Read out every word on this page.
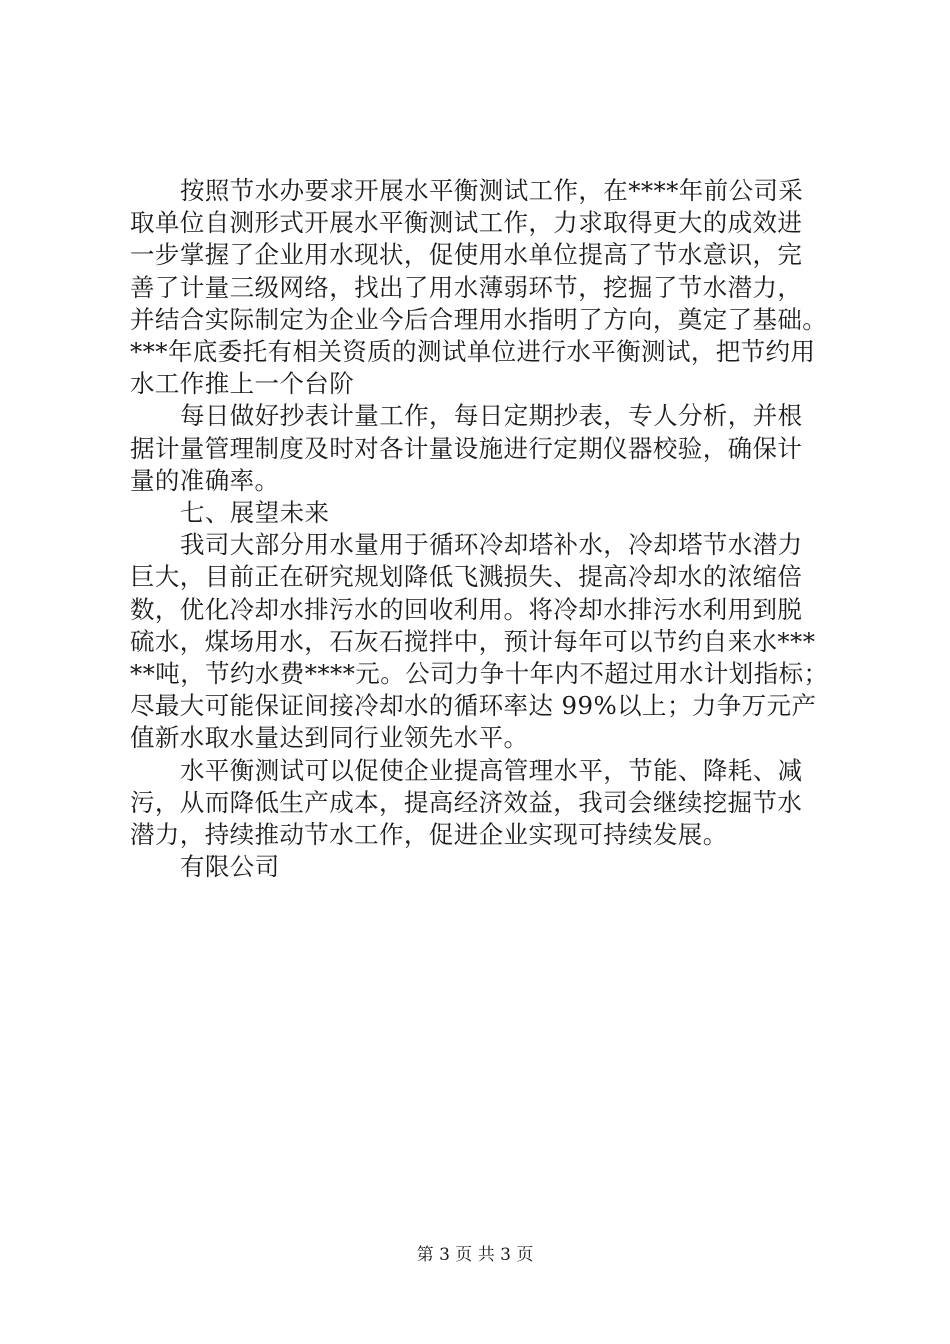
按照节水办要求开展水平衡测试工作，在****年前公司采
取单位自测形式开展水平衡测试工作，力求取得更大的成效进
一步掌握了企业用水现状，促使用水单位提高了节水意识，完
善了计量三级网络，找出了用水薄弱环节，挖掘了节水潜力，
并结合实际制定为企业今后合理用水指明了方向，奠定了基础。
***年底委托有相关资质的测试单位进行水平衡测试，把节约用
水工作推上一个台阶
每日做好抄表计量工作，每日定期抄表，专人分析，并根
据计量管理制度及时对各计量设施进行定期仪器校验，确保计
量的准确率。
七、展望未来
我司大部分用水量用于循环冷却塔补水，冷却塔节水潜力
巨大，目前正在研究规划降低飞溅损失、提高冷却水的浓缩倍
数，优化冷却水排污水的回收利用。将冷却水排污水利用到脱
硫水，煤场用水，石灰石搅拌中，预计每年可以节约自来水***
**吨，节约水费****元。公司力争十年内不超过用水计划指标；
尽最大可能保证间接冷却水的循环率达 99%以上；力争万元产
值新水取水量达到同行业领先水平。
水平衡测试可以促使企业提高管理水平，节能、降耗、减
污，从而降低生产成本，提高经济效益，我司会继续挖掘节水
潜力，持续推动节水工作，促进企业实现可持续发展。
有限公司
第 3 页 共 3 页
